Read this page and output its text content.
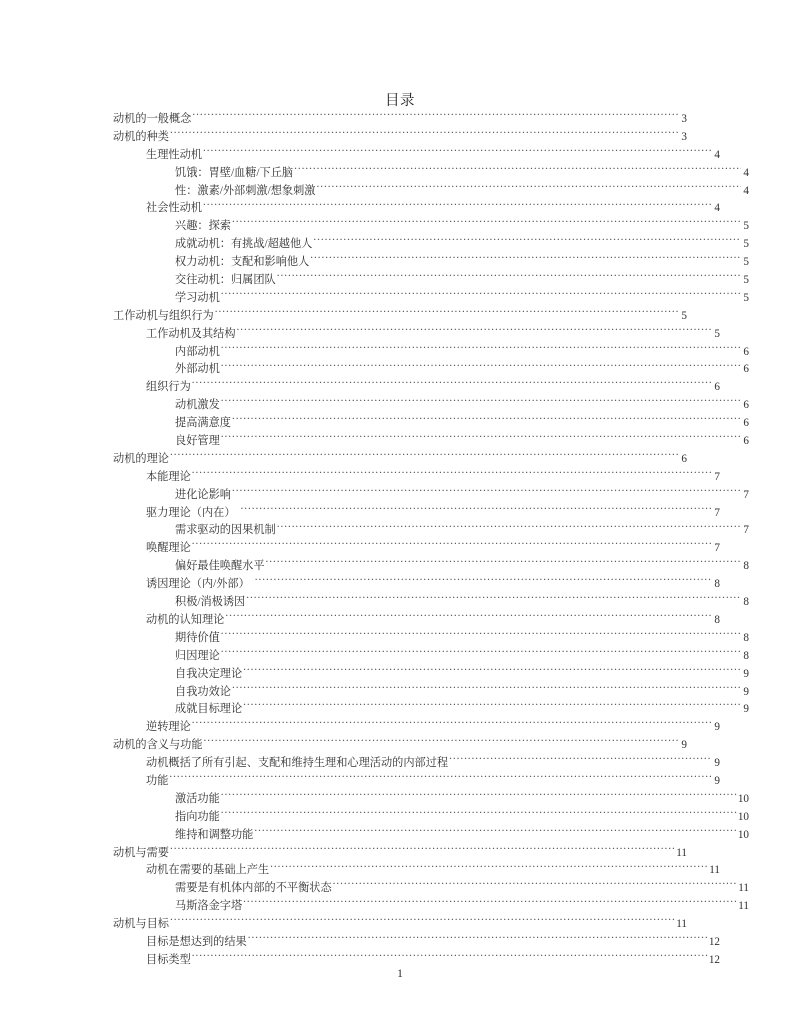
目录
动机的一般概念 .....	3
动机的种类 .....	3
生理性动机 .....	4
饥饿：胃壁/血糖/下丘脑 .....	4
性：激素/外部刺激/想象刺激 .....	4
社会性动机 .....	4
兴趣：探索 .....	5
成就动机：有挑战/超越他人 .....	5
权力动机：支配和影响他人 .....	5
交往动机：归属团队 .....	5
学习动机 .....	5
工作动机与组织行为 .....	5
工作动机及其结构 .....	5
内部动机 .....	6
外部动机 .....	6
组织行为 .....	6
动机激发 .....	6
提高满意度 .....	6
良好管理 .....	6
动机的理论 .....	6
本能理论 .....	7
进化论影响 .....	7
驱力理论（内在） .....	7
需求驱动的因果机制 .....	7
唤醒理论 .....	7
偏好最佳唤醒水平 .....	8
诱因理论（内/外部） .....	8
积极/消极诱因 .....	8
动机的认知理论 .....	8
期待价值 .....	8
归因理论 .....	8
自我决定理论 .....	9
自我功效论 .....	9
成就目标理论 .....	9
逆转理论 .....	9
动机的含义与功能 .....	9
动机概括了所有引起、支配和维持生理和心理活动的内部过程 .....	9
功能 .....	9
激活功能 .....	10
指向功能 .....	10
维持和调整功能 .....	10
动机与需要 .....	11
动机在需要的基础上产生 .....	11
需要是有机体内部的不平衡状态 .....	11
马斯洛金字塔 .....	11
动机与目标 .....	11
目标是想达到的结果 .....	12
目标类型 .....	12
1
